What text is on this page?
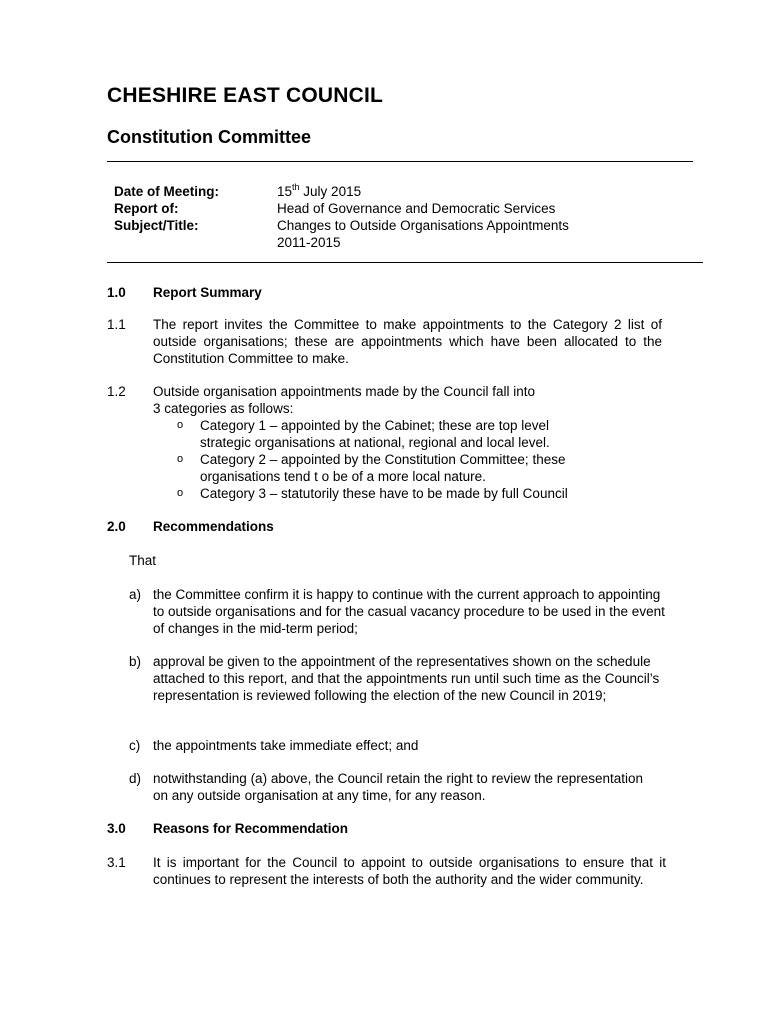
CHESHIRE EAST COUNCIL
Constitution Committee
Date of Meeting:	15th July 2015
Report of:	Head of Governance and Democratic Services
Subject/Title:	Changes to Outside Organisations Appointments
2011-2015
1.0 Report Summary
1.1 The report invites the Committee to make appointments to the Category 2 list of outside organisations; these are appointments which have been allocated to the Constitution Committee to make.
1.2 Outside organisation appointments made by the Council fall into
3 categories as follows:
o Category 1 – appointed by the Cabinet; these are top level
strategic organisations at national, regional and local level.
o Category 2 – appointed by the Constitution Committee; these
organisations tend t o be of a more local nature.
o Category 3 – statutorily these have to be made by full Council
2.0 Recommendations
That
a) the Committee confirm it is happy to continue with the current approach to appointing to outside organisations and for the casual vacancy procedure to be used in the event of changes in the mid-term period;
b) approval be given to the appointment of the representatives shown on the schedule attached to this report, and that the appointments run until such time as the Council’s representation is reviewed following the election of the new Council in 2019;
c) the appointments take immediate effect; and
d) notwithstanding (a) above, the Council retain the right to review the representation on any outside organisation at any time, for any reason.
3.0 Reasons for Recommendation
3.1 It is important for the Council to appoint to outside organisations to ensure that it continues to represent the interests of both the authority and the wider community.
